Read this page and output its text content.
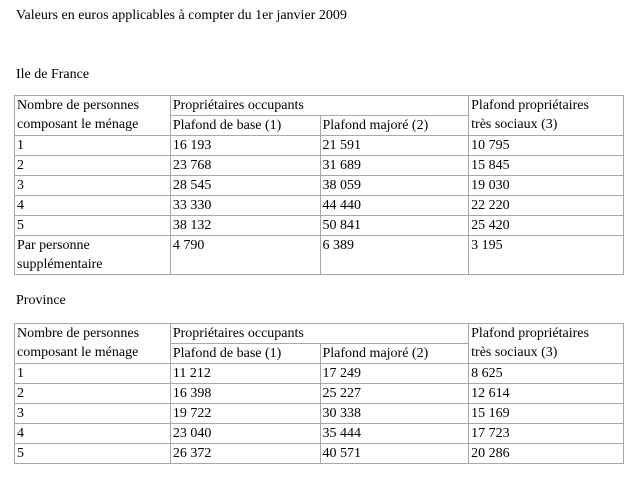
Valeurs en euros applicables à compter du 1er janvier 2009
Ile de France
Nombre de personnes
composant le ménage	Propriétaires occupants		Plafond propriétaires
très sociaux (3)
	Plafond de base (1)	Plafond majoré (2)	
1	16 193	21 591	10 795
2	23 768	31 689	15 845
3	28 545	38 059	19 030
4	33 330	44 440	22 220
5	38 132	50 841	25 420
Par personne
supplémentaire	4 790	6 389	3 195
Province
Nombre de personnes
composant le ménage	Propriétaires occupants		Plafond propriétaires
très sociaux (3)
	Plafond de base (1)	Plafond majoré (2)	
1	11 212	17 249	8 625
2	16 398	25 227	12 614
3	19 722	30 338	15 169
4	23 040	35 444	17 723
5	26 372	40 571	20 286
